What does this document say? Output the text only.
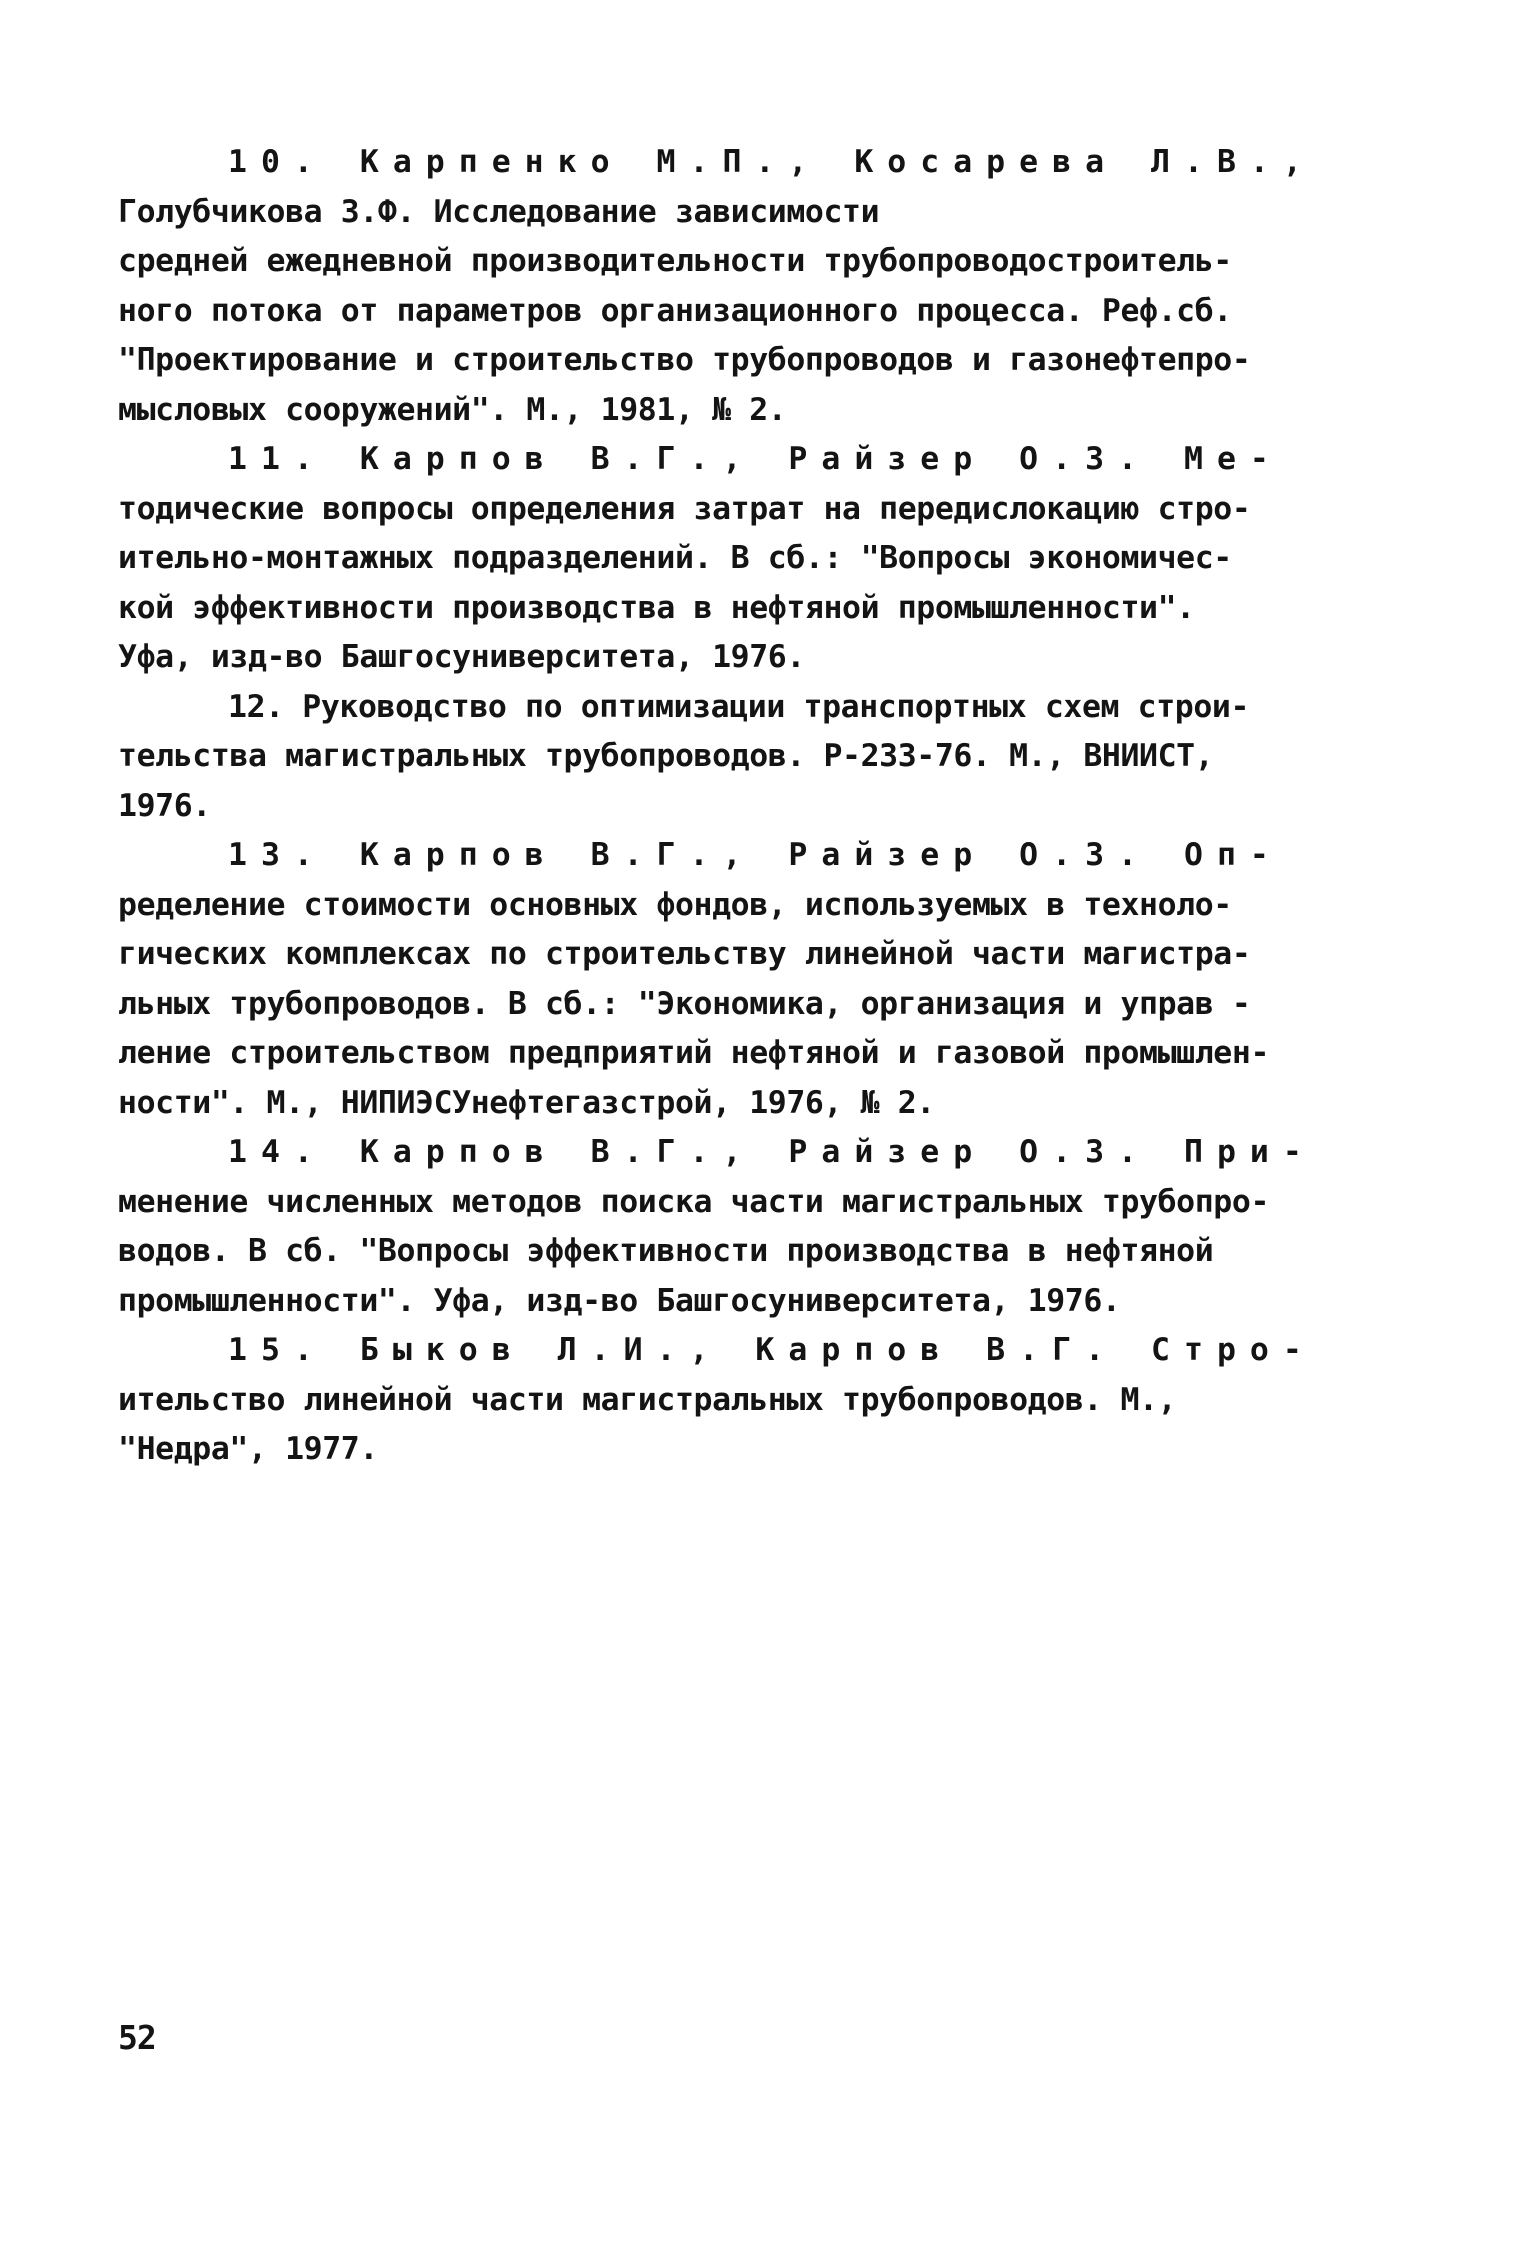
10. Карпенко М.П., Косарева Л.В.,
Голубчикова З.Ф. Исследование зависимости
средней ежедневной производительности трубопроводостроитель-
ного потока от параметров организационного процесса. Реф.сб.
"Проектирование и строительство трубопроводов и газонефтепро-
мысловых сооружений". М., 1981, № 2.
11. Карпов В.Г., Райзер О.З. Ме-
тодические вопросы определения затрат на передислокацию стро-
ительно-монтажных подразделений. В сб.: "Вопросы экономичес-
кой эффективности производства в нефтяной промышленности".
Уфа, изд-во Башгосуниверситета, 1976.
12. Руководство по оптимизации транспортных схем строи-
тельства магистральных трубопроводов. Р-233-76. М., ВНИИСТ,
1976.
13. Карпов В.Г., Райзер О.З. Оп-
ределение стоимости основных фондов, используемых в техноло-
гических комплексах по строительству линейной части магистра-
льных трубопроводов. В сб.: "Экономика, организация и управ -
ление строительством предприятий нефтяной и газовой промышлен-
ности". М., НИПИЭСУнефтегазстрой, 1976, № 2.
14. Карпов В.Г., Райзер О.З. При-
менение численных методов поиска части магистральных трубопро-
водов. В сб. "Вопросы эффективности производства в нефтяной
промышленности". Уфа, изд-во Башгосуниверситета, 1976.
15. Быков Л.И., Карпов В.Г. Стро-
ительство линейной части магистральных трубопроводов. М.,
"Недра", 1977.
52
